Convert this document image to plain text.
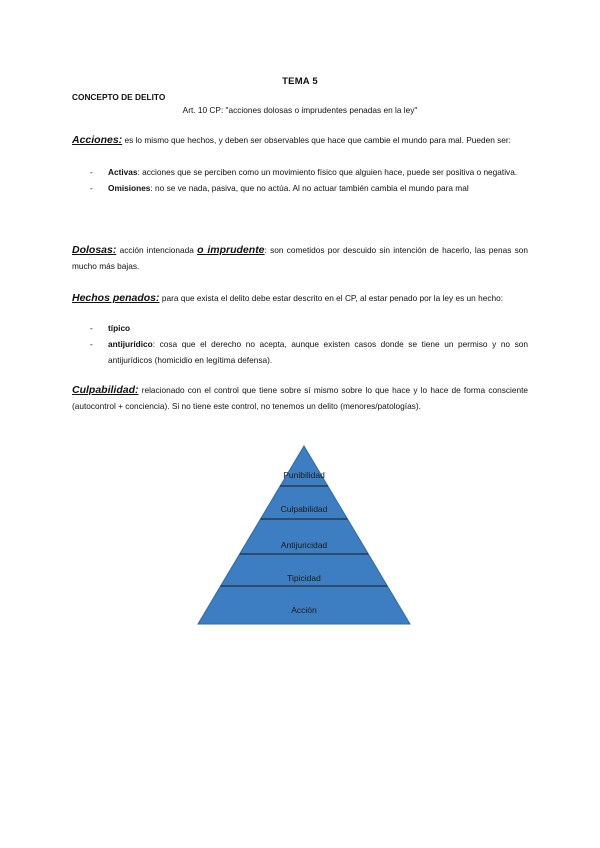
TEMA 5
CONCEPTO DE DELITO
Art. 10 CP: "acciones dolosas o imprudentes penadas en la ley"
Acciones: es lo mismo que hechos, y deben ser observables que hace que cambie el mundo para mal. Pueden ser:
- Activas: acciones que se perciben como un movimiento físico que alguien hace, puede ser positiva o negativa.
- Omisiones: no se ve nada, pasiva, que no actúa. Al no actuar también cambia el mundo para mal
Dolosas: acción intencionada o imprudente: son cometidos por descuido sin intención de hacerlo, las penas son mucho más bajas.
Hechos penados: para que exista el delito debe estar descrito en el CP, al estar penado por la ley es un hecho:
- típico
- antijurídico: cosa que el derecho no acepta, aunque existen casos donde se tiene un permiso y no son antijurídicos (homicidio en legítima defensa).
Culpabilidad: relacionado con el control que tiene sobre sí mismo sobre lo que hace y lo hace de forma consciente (autocontrol + conciencia). Si no tiene este control, no tenemos un delito (menores/patologías).
Punibilidad
Culpabilidad
Antijuricidad
Tipicidad
Acción
